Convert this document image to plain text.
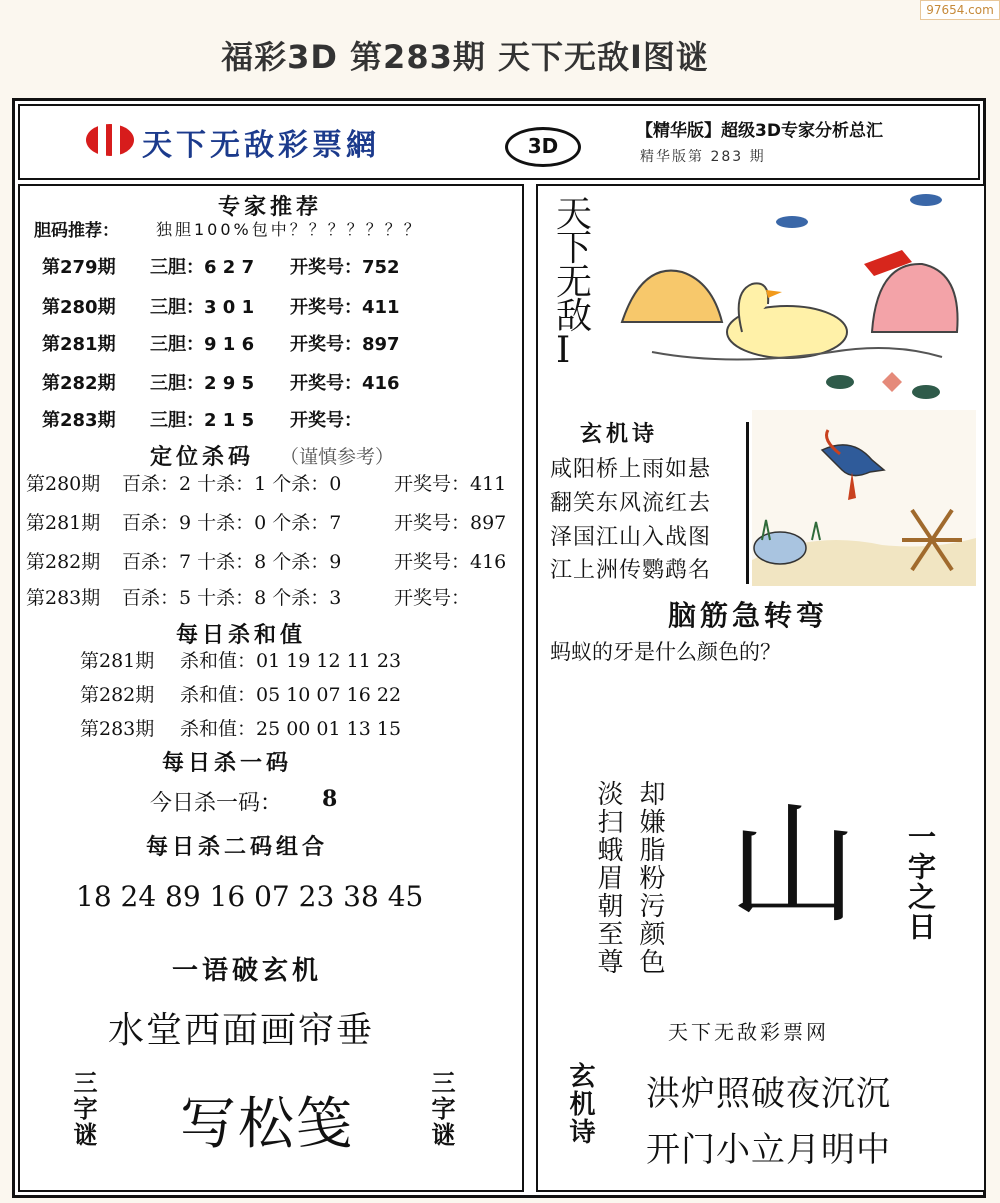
97654.com
福彩3D 第283期 天下无敌Ⅰ图谜
天下无敌彩票網	3D
【精华版】超级3D专家分析总汇
精华版第 283 期
专家推荐
胆码推荐： 独胆100%包中？？？？？？？
第279期 三胆：6 2 7 开奖号：752
第280期 三胆：3 0 1 开奖号：411
第281期 三胆：9 1 6 开奖号：897
第282期 三胆：2 9 5 开奖号：416
第283期 三胆：2 1 5 开奖号：
定位杀码 （谨慎参考）
第280期 百杀：2 十杀：1 个杀：0	开奖号：411
第281期 百杀：9 十杀：0 个杀：7	开奖号：897
第282期 百杀：7 十杀：8 个杀：9	开奖号：416
第283期 百杀：5 十杀：8 个杀：3	开奖号：
每日杀和值
第281期 杀和值：01 19 12 11 23
第282期 杀和值：05 10 07 16 22
第283期 杀和值：25 00 01 13 15
每日杀一码
今日杀一码： 8
每日杀二码组合
18 24 89 16 07 23 38 45
一语破玄机
水堂西面画帘垂
三字谜 写松笺	三字谜
天下无敌Ⅰ
玄机诗
咸阳桥上雨如悬
翻笑东风流红去
泽国江山入战图
江上洲传鹦鹉名
脑筋急转弯
蚂蚁的牙是什么颜色的？
却嫌脂粉污颜色
淡扫蛾眉朝至尊 山 一字之日
天下无敌彩票网
玄机诗 洪炉照破夜沉沉
开门小立月明中
